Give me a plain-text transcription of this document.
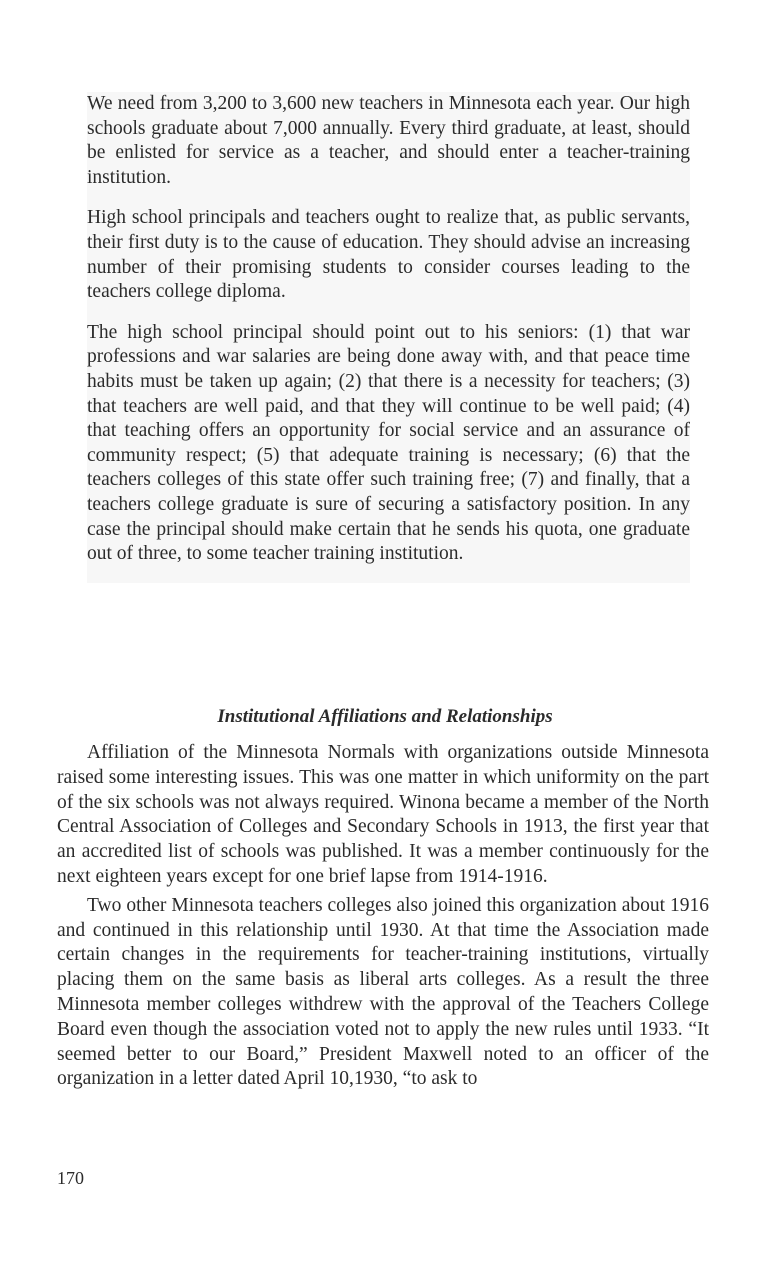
We need from 3,200 to 3,600 new teachers in Minnesota each year. Our high schools graduate about 7,000 annually. Every third graduate, at least, should be enlisted for service as a teacher, and should enter a teacher-training institution.

High school principals and teachers ought to realize that, as public servants, their first duty is to the cause of education. They should advise an increasing number of their promising students to consider courses leading to the teachers college diploma.

The high school principal should point out to his seniors: (1) that war professions and war salaries are being done away with, and that peace time habits must be taken up again; (2) that there is a necessity for teachers; (3) that teachers are well paid, and that they will continue to be well paid; (4) that teaching offers an opportunity for social service and an assurance of community respect; (5) that adequate training is necessary; (6) that the teachers colleges of this state offer such training free; (7) and finally, that a teachers college graduate is sure of securing a satisfactory position. In any case the principal should make certain that he sends his quota, one graduate out of three, to some teacher training institution.

Institutional Affiliations and Relationships

Affiliation of the Minnesota Normals with organizations outside Minnesota raised some interesting issues. This was one matter in which uniformity on the part of the six schools was not always required. Winona became a member of the North Central Association of Colleges and Secondary Schools in 1913, the first year that an accredited list of schools was published. It was a member continuously for the next eighteen years except for one brief lapse from 1914-1916.

Two other Minnesota teachers colleges also joined this organization about 1916 and continued in this relationship until 1930. At that time the Association made certain changes in the requirements for teacher-training institutions, virtually placing them on the same basis as liberal arts colleges. As a result the three Minnesota member colleges withdrew with the approval of the Teachers College Board even though the association voted not to apply the new rules until 1933. “It seemed better to our Board,” President Maxwell noted to an officer of the organization in a letter dated April 10,1930, “to ask to

170
